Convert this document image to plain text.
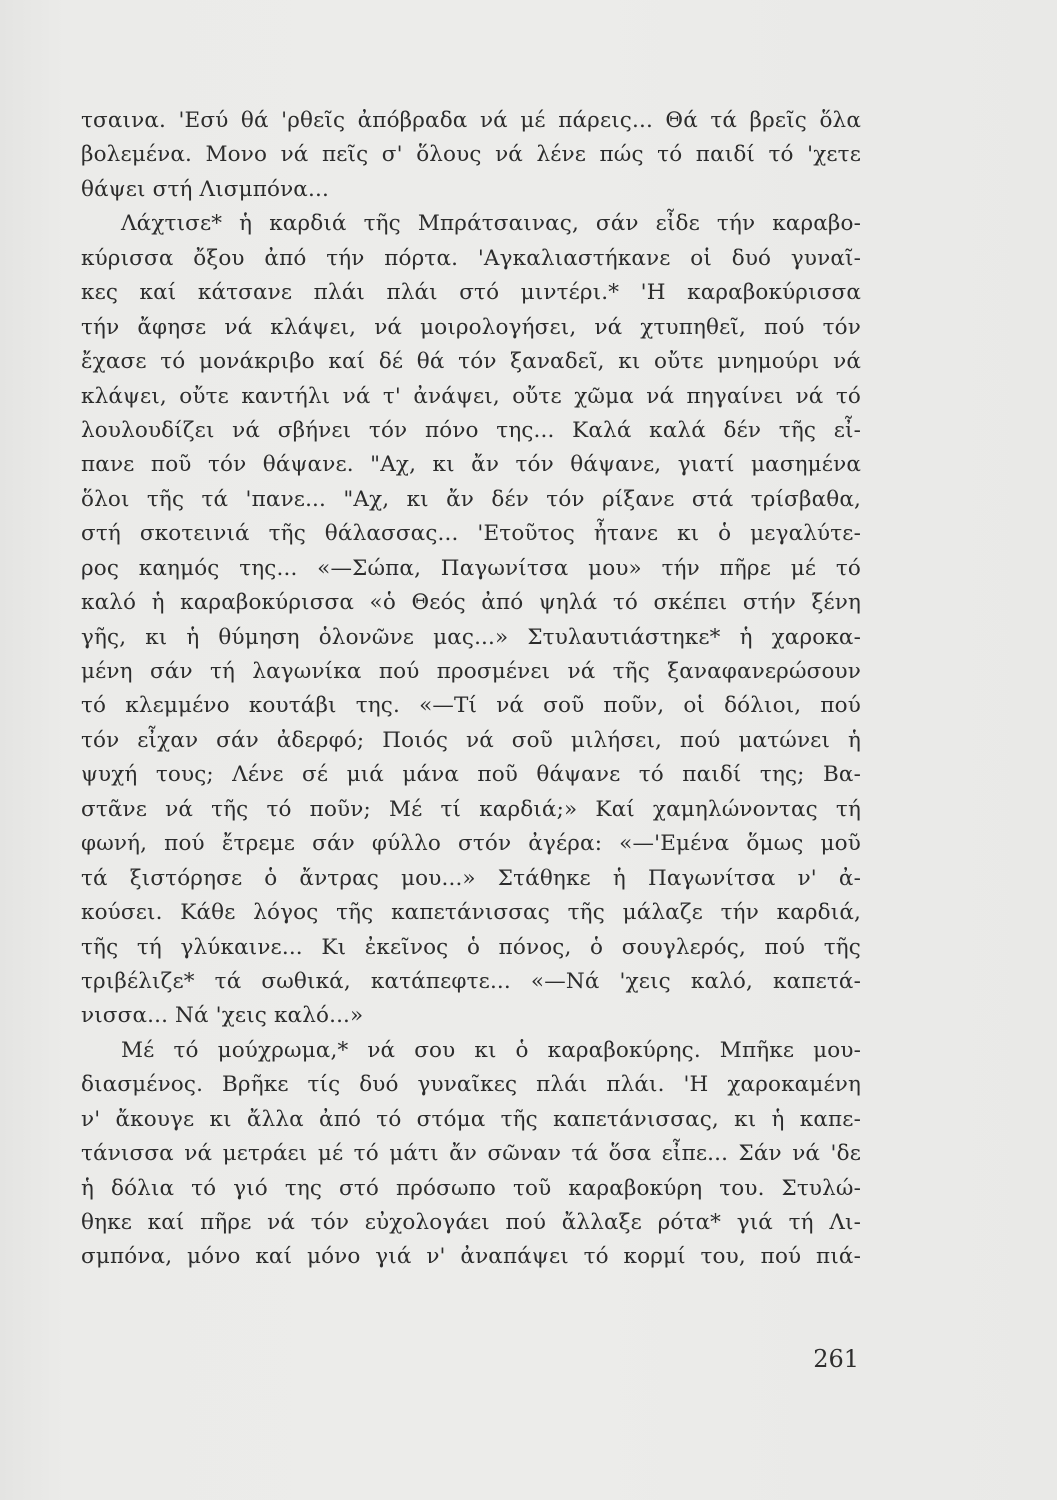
τσαινα. 'Εσύ θά 'ρθεῖς ἀπόβραδα νά μέ πάρεις... Θά τά βρεῖς ὅλα
βολεμένα. Μονο νά πεῖς σ' ὅλους νά λένε πώς τό παιδί τό 'χετε
θάψει στή Λισμπόνα...
Λάχτισε* ἡ καρδιά τῆς Μπράτσαινας, σάν εἶδε τήν καραβο-
κύρισσα ὄξου ἀπό τήν πόρτα. 'Αγκαλιαστήκανε οἱ δυό γυναῖ-
κες καί κάτσανε πλάι πλάι στό μιντέρι.* 'Η καραβοκύρισσα
τήν ἄφησε νά κλάψει, νά μοιρολογήσει, νά χτυπηθεῖ, πού τόν
ἔχασε τό μονάκριβο καί δέ θά τόν ξαναδεῖ, κι οὔτε μνημούρι νά
κλάψει, οὔτε καντήλι νά τ' ἀνάψει, οὔτε χῶμα νά πηγαίνει νά τό
λουλουδίζει νά σβήνει τόν πόνο της... Καλά καλά δέν τῆς εἶ-
πανε ποῦ τόν θάψανε. "Αχ, κι ἄν τόν θάψανε, γιατί μασημένα
ὅλοι τῆς τά 'πανε... "Αχ, κι ἄν δέν τόν ρίξανε στά τρίσβαθα,
στή σκοτεινιά τῆς θάλασσας... 'Ετοῦτος ἦτανε κι ὁ μεγαλύτε-
ρος καημός της... «—Σώπα, Παγωνίτσα μου» τήν πῆρε μέ τό
καλό ἡ καραβοκύρισσα «ὁ Θεός ἀπό ψηλά τό σκέπει στήν ξένη
γῆς, κι ἡ θύμηση ὁλονῶνε μας...» Στυλαυτιάστηκε* ἡ χαροκα-
μένη σάν τή λαγωνίκα πού προσμένει νά τῆς ξαναφανερώσουν
τό κλεμμένο κουτάβι της. «—Τί νά σοῦ ποῦν, οἱ δόλιοι, πού
τόν εἶχαν σάν ἀδερφό; Ποιός νά σοῦ μιλήσει, πού ματώνει ἡ
ψυχή τους; Λένε σέ μιά μάνα ποῦ θάψανε τό παιδί της; Βα-
στᾶνε νά τῆς τό ποῦν; Μέ τί καρδιά;» Καί χαμηλώνοντας τή
φωνή, πού ἔτρεμε σάν φύλλο στόν ἀγέρα: «—'Εμένα ὅμως μοῦ
τά ξιστόρησε ὁ ἄντρας μου...» Στάθηκε ἡ Παγωνίτσα ν' ἀ-
κούσει. Κάθε λόγος τῆς καπετάνισσας τῆς μάλαζε τήν καρδιά,
τῆς τή γλύκαινε... Κι ἐκεῖνος ὁ πόνος, ὁ σουγλερός, πού τῆς
τριβέλιζε* τά σωθικά, κατάπεφτε... «—Νά 'χεις καλό, καπετά-
νισσα... Νά 'χεις καλό...»
Μέ τό μούχρωμα,* νά σου κι ὁ καραβοκύρης. Μπῆκε μου-
διασμένος. Βρῆκε τίς δυό γυναῖκες πλάι πλάι. 'Η χαροκαμένη
ν' ἄκουγε κι ἄλλα ἀπό τό στόμα τῆς καπετάνισσας, κι ἡ καπε-
τάνισσα νά μετράει μέ τό μάτι ἄν σῶναν τά ὅσα εἶπε... Σάν νά 'δε
ἡ δόλια τό γιό της στό πρόσωπο τοῦ καραβοκύρη του. Στυλώ-
θηκε καί πῆρε νά τόν εὐχολογάει πού ἄλλαξε ρότα* γιά τή Λι-
σμπόνα, μόνο καί μόνο γιά ν' ἀναπάψει τό κορμί του, πού πιά-
261
